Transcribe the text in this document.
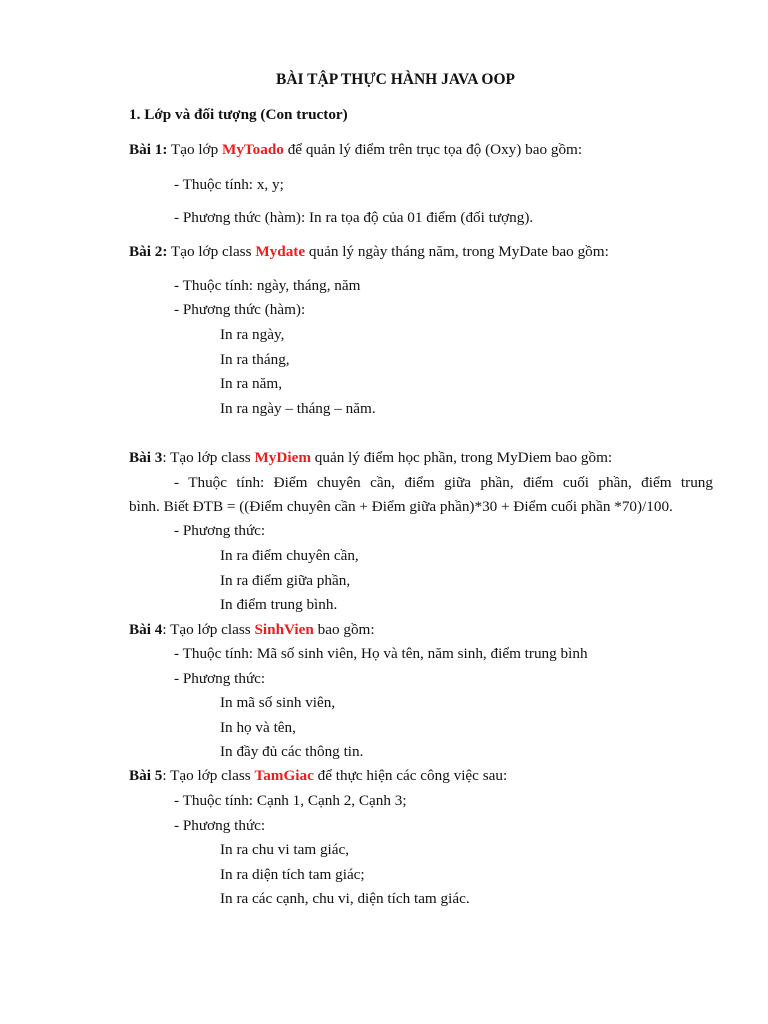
BÀI TẬP THỰC HÀNH JAVA OOP
1. Lớp và đối tượng (Con tructor)
Bài 1: Tạo lớp MyToado để quản lý điểm trên trục tọa độ (Oxy) bao gồm:
- Thuộc tính: x, y;
- Phương thức (hàm): In ra tọa độ của 01 điểm (đối tượng).
Bài 2: Tạo lớp class Mydate quản lý ngày tháng năm, trong MyDate bao gồm:
- Thuộc tính: ngày, tháng, năm
- Phương thức (hàm):
In ra ngày,
In ra tháng,
In ra năm,
In ra ngày – tháng – năm.
Bài 3: Tạo lớp class MyDiem quản lý điểm học phần, trong MyDiem bao gồm:
- Thuộc tính: Điểm chuyên cần, điểm giữa phần, điểm cuối phần, điểm trung
bình. Biết ĐTB = ((Điểm chuyên cần + Điểm giữa phần)*30 + Điểm cuối phần *70)/100.
- Phương thức:
In ra điểm chuyên cần,
In ra điểm giữa phần,
In điểm trung bình.
Bài 4: Tạo lớp class SinhVien bao gồm:
- Thuộc tính: Mã số sinh viên, Họ và tên, năm sinh, điểm trung bình
- Phương thức:
In mã số sinh viên,
In họ và tên,
In đầy đủ các thông tin.
Bài 5: Tạo lớp class TamGiac để thực hiện các công việc sau:
- Thuộc tính: Cạnh 1, Cạnh 2, Cạnh 3;
- Phương thức:
In ra chu vi tam giác,
In ra diện tích tam giác;
In ra các cạnh, chu vi, diện tích tam giác.
